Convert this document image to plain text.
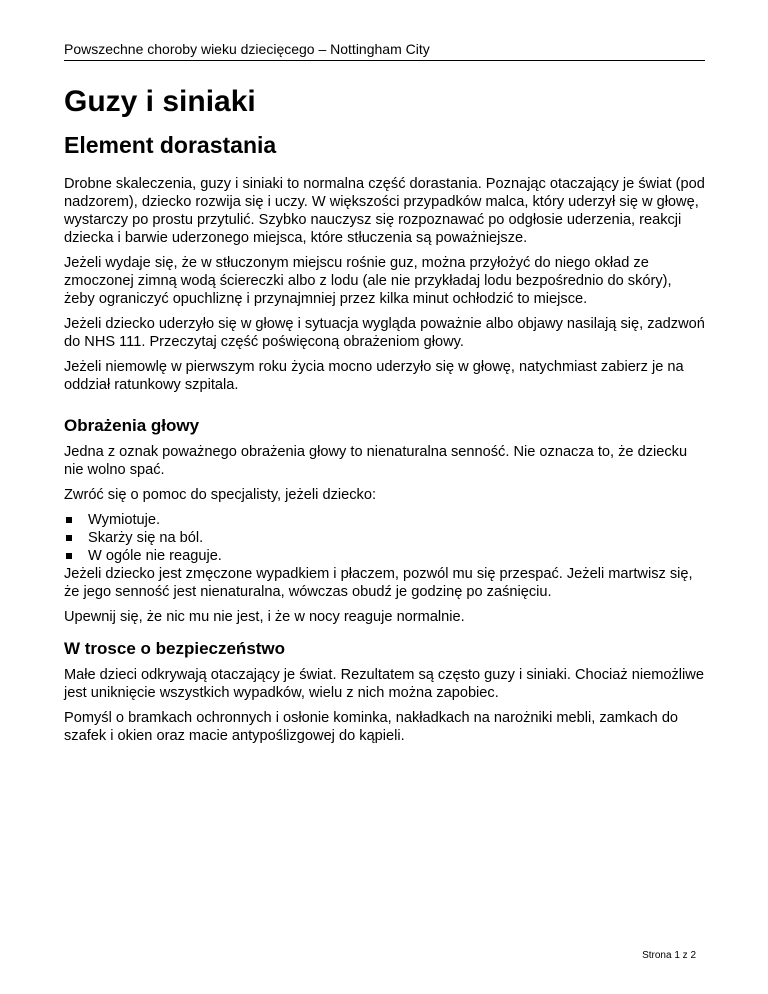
Powszechne choroby wieku dziecięcego – Nottingham City
Guzy i siniaki
Element dorastania

Drobne skaleczenia, guzy i siniaki to normalna część dorastania. Poznając otaczający je świat (pod nadzorem), dziecko rozwija się i uczy. W większości przypadków malca, który uderzył się w głowę, wystarczy po prostu przytulić. Szybko nauczysz się rozpoznawać po odgłosie uderzenia, reakcji dziecka i barwie uderzonego miejsca, które stłuczenia są poważniejsze.

Jeżeli wydaje się, że w stłuczonym miejscu rośnie guz, można przyłożyć do niego okład ze zmoczonej zimną wodą ściereczki albo z lodu (ale nie przykładaj lodu bezpośrednio do skóry), żeby ograniczyć opuchliznę i przynajmniej przez kilka minut ochłodzić to miejsce.

Jeżeli dziecko uderzyło się w głowę i sytuacja wygląda poważnie albo objawy nasilają się, zadzwoń do NHS 111. Przeczytaj część poświęconą obrażeniom głowy.

Jeżeli niemowlę w pierwszym roku życia mocno uderzyło się w głowę, natychmiast zabierz je na oddział ratunkowy szpitala.

Obrażenia głowy

Jedna z oznak poważnego obrażenia głowy to nienaturalna senność. Nie oznacza to, że dziecku nie wolno spać.

Zwróć się o pomoc do specjalisty, jeżeli dziecko:

Wymiotuje.
Skarży się na ból.
W ogóle nie reaguje.

Jeżeli dziecko jest zmęczone wypadkiem i płaczem, pozwól mu się przespać. Jeżeli martwisz się, że jego senność jest nienaturalna, wówczas obudź je godzinę po zaśnięciu.

Upewnij się, że nic mu nie jest, i że w nocy reaguje normalnie.

W trosce o bezpieczeństwo

Małe dzieci odkrywają otaczający je świat. Rezultatem są często guzy i siniaki. Chociaż niemożliwe jest uniknięcie wszystkich wypadków, wielu z nich można zapobiec.

Pomyśl o bramkach ochronnych i osłonie kominka, nakładkach na narożniki mebli, zamkach do szafek i okien oraz macie antypoślizgowej do kąpieli.

Strona 1 z 2
